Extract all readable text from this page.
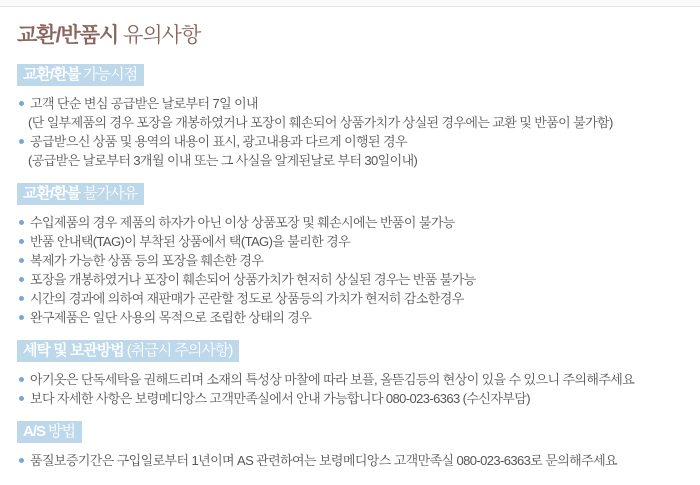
교환/반품시 유의사항
교환/환불 가능시점
고객 단순 변심 공급받은 날로부터 7일 이내
(단 일부제품의 경우 포장을 개봉하였거나 포장이 훼손되어 상품가치가 상실된 경우에는 교환 및 반품이 불가함)
공급받으신 상품 및 용역의 내용이 표시, 광고내용과 다르게 이행된 경우
(공급받은 날로부터 3개월 이내 또는 그 사실을 알게된날로 부터 30일이내)
교환/환불 불가사유
수입제품의 경우 제품의 하자가 아닌 이상 상품포장 및 훼손시에는 반품이 불가능
반품 안내택(TAG)이 부착된 상품에서 택(TAG)을 불리한 경우
복제가 가능한 상품 등의 포장을 훼손한 경우
포장을 개봉하였거나 포장이 훼손되어 상품가치가 현저히 상실된 경우는 반품 불가능
시간의 경과에 의하여 재판매가 곤란할 정도로 상품등의 가치가 현저히 감소한경우
완구제품은 일단 사용의 목적으로 조립한 상태의 경우
세탁 및 보관방법 (취급시 주의사항)
아기옷은 단독세탁을 권해드리며 소재의 특성상 마찰에 따라 보플, 올뜯김등의 현상이 있을 수 있으니 주의해주세요
보다 자세한 사항은 보령메디앙스 고객만족실에서 안내 가능합니다 080-023-6363 (수신자부담)
A/S 방법
품질보증기간은 구입일로부터 1년이며 AS 관련하여는 보령메디앙스 고객만족실 080-023-6363로 문의해주세요
